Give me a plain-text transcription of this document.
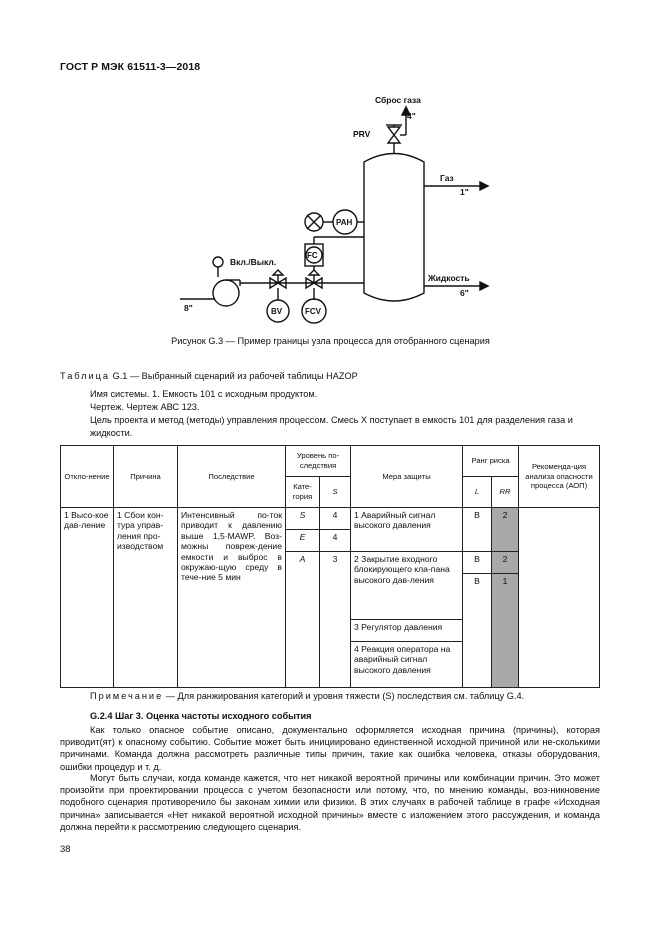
ГОСТ Р МЭК 61511-3—2018
Сброс газа
4"
PRV
Газ
1"
PAH
FC
Вкл./Выкл.
Жидкость
6"
8"	BV	FCV
Рисунок G.3 — Пример границы узла процесса для отобранного сценария
Таблица G.1 — Выбранный сценарий из рабочей таблицы HAZOP
Имя системы. 1. Емкость 101 с исходным продуктом.
Чертеж. Чертеж АВС 123.
Цель проекта и метод (методы) управления процессом. Смесь X поступает в емкость 101 для разделения газа и жидкости.
Откло-нение	Причина	Последствие	Уровень по-следствия		Мера защиты	Ранг риска		Рекоменда-ция анализа опасности процесса (АОП)
			Кате-гория	S		L	RR	
1 Высо-кое дав-ление	1 Сбои кон-тура управ-ления про-изводством	Интенсивный по-ток приводит к давлению выше 1,5·MAWP. Воз-можны повреж-дение емкости и выброс в окружаю-щую среду в тече-ние 5 мин	S	4	1 Аварийный сигнал высокого давления	B	2	
			E	4				
			A	3	2 Закрытие входного блокирующего кла-пана высокого дав-ления	B	2	
						B	1	
					3 Регулятор давления			
					4 Реакция оператора на аварийный сигнал высокого давления			
Примечание — Для ранжирования категорий и уровня тяжести (S) последствия см. таблицу G.4.
G.2.4 Шаг 3. Оценка частоты исходного события
Как только опасное событие описано, документально оформляется исходная причина (причины), которая приводит(ят) к опасному событию. Событие может быть инициировано единственной исходной причиной или не-сколькими причинами. Команда должна рассмотреть различные типы причин, такие как ошибка человека, отказы оборудования, ошибки процедур и т. д.
Могут быть случаи, когда команде кажется, что нет никакой вероятной причины или комбинации причин. Это может произойти при проектировании процесса с учетом безопасности или потому, что, по мнению команды, воз-никновение подобного сценария противоречило бы законам химии или физики. В этих случаях в рабочей таблице в графе «Исходная причина» записывается «Нет никакой вероятной исходной причины» вместе с изложением этого рассуждения, и команда должна перейти к рассмотрению следующего сценария.
38
